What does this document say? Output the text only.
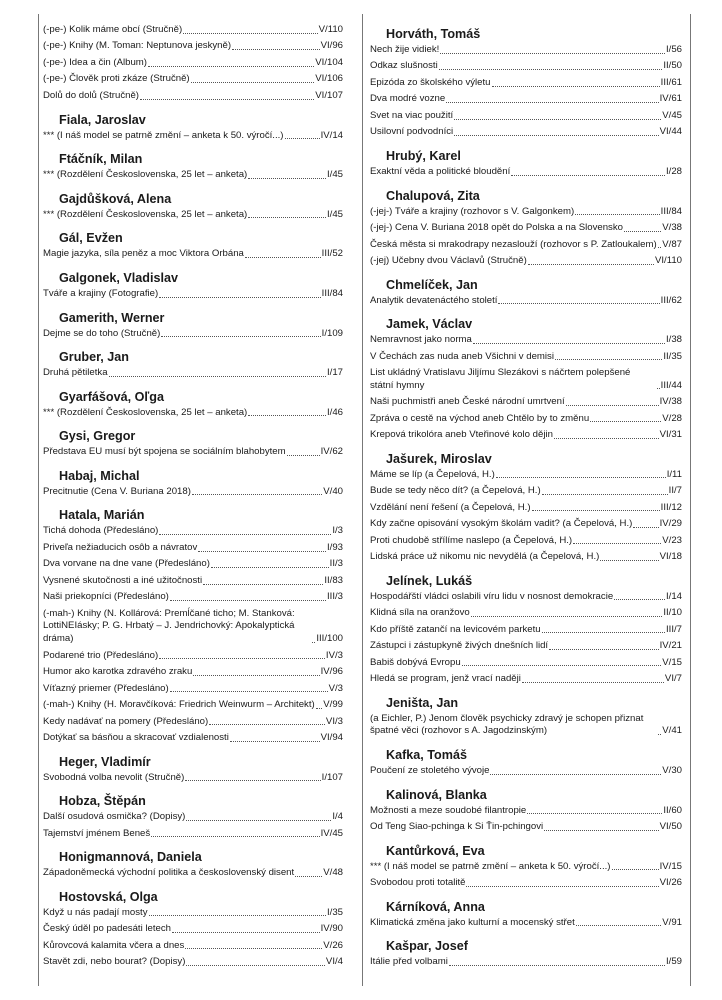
(-pe-) Kolik máme obcí (Stručně)	V/110
(-pe-) Knihy (M. Toman: Neptunova jeskyně)	VI/96
(-pe-) Idea a čin (Album)	VI/104
(-pe-) Člověk proti zkáze (Stručně)	VI/106
Dolů do dolů (Stručně)	VI/107
Fiala, Jaroslav
*** (I náš model se patrně změní – anketa k 50. výročí...)	IV/14
Ftáčník, Milan
*** (Rozdělení Československa, 25 let – anketa)	I/45
Gajdůšková, Alena
*** (Rozdělení Československa, 25 let – anketa)	I/45
Gál, Evžen
Magie jazyka, síla peněz a moc Viktora Orbána	III/52
Galgonek, Vladislav
Tváře a krajiny (Fotografie)	III/84
Gamerith, Werner
Dejme se do toho (Stručně)	I/109
Gruber, Jan
Druhá pětiletka	I/17
Gyarfášová, Oľga
*** (Rozdělení Československa, 25 let – anketa)	I/46
Gysi, Gregor
Představa EU musí být spojena se sociálním blahobytem	IV/62
Habaj, Michal
Precitnutie (Cena V. Buriana 2018)	V/40
Hatala, Marián
Tichá dohoda (Předesláno)	I/3
Priveľa nežiaducich osôb a návratov	I/93
Dva vorvane na dne vane (Předesláno)	II/3
Vysnené skutočnosti a iné užitočnosti	II/83
Naši priekopníci (Předesláno)	III/3
(-mah-) Knihy (N. Kollárová: Premĺčané ticho; M. Stanková: LottiNEIásky; P. G. Hrbatý – J. Jendrichovký: Apokalyptická dráma)	III/100
Podarené trio (Předesláno)	IV/3
Humor ako karotka zdravého zraku	IV/96
Víťazný priemer (Předesláno)	V/3
(-mah-) Knihy (H. Moravčíková: Friedrich Weinwurm – Architekt) V/99
Kedy nadávať na pomery (Předesláno)	VI/3
Dotýkať sa básňou a skracovať vzdialenosti	VI/94
Heger, Vladimír
Svobodná volba nevolit (Stručně)	I/107
Hobza, Štěpán
Další osudová osmička? (Dopisy)	I/4
Tajemství jménem Beneš	IV/45
Honigmannová, Daniela
Západoněmecká východní politika a československý disent	V/48
Hostovská, Olga
Když u nás padají mosty	I/35
Český úděl po padesáti letech	IV/90
Kůrovcová kalamita včera a dnes	V/26
Stavět zdi, nebo bourat? (Dopisy)	VI/4
Horváth, Tomáš
Nech žije vidiek!	I/56
Odkaz slušnosti	II/50
Epizóda zo školského výletu	III/61
Dva modré vozne	IV/61
Svet na viac použití	V/45
Usilovní podvodníci	VI/44
Hrubý, Karel
Exaktní věda a politické bloudění	I/28
Chalupová, Zita
(-jej-) Tváře a krajiny (rozhovor s V. Galgonkem)	III/84
(-jej-) Cena V. Buriana 2018 opět do Polska a na Slovensko	V/38
Česká města si mrakodrapy nezaslouží (rozhovor s P. Zatloukalem) V/87
(-jej) Učebny dvou Václavů (Stručně)	VI/110
Chmelíček, Jan
Analytik devatenáctého století	III/62
Jamek, Václav
Nemravnost jako norma	I/38
V Čechách zas nuda aneb Všichni v demisi	II/35
List ukládný Vratislavu Jiljímu Slezákovi s náčrtem polepšené státní hymny	III/44
Naši puchmistři aneb České národní umrtvení	IV/38
Zpráva o cestě na východ aneb Chtělo by to změnu	V/28
Krepová trikolóra aneb Vteřinové kolo dějin	VI/31
Jašurek, Miroslav
Máme se líp (a Čepelová, H.)	I/11
Bude se tedy něco dít? (a Čepelová, H.)	II/7
Vzdělání není řešení (a Čepelová, H.)	III/12
Kdy začne opisování vysokým školám vadit? (a Čepelová, H.)	IV/29
Proti chudobě střílíme naslepo (a Čepelová, H.)	V/23
Lidská práce už nikomu nic nevydělá (a Čepelová, H.)	VI/18
Jelínek, Lukáš
Hospodářští vládci oslabili víru lidu v nosnost demokracie	I/14
Klidná síla na oranžovo	II/10
Kdo příště zatančí na levicovém parketu	III/7
Zástupci i zástupkyně živých dnešních lidí	IV/21
Babiš dobývá Evropu	V/15
Hledá se program, jenž vrací naději	VI/7
Jeništa, Jan
(a Eichler, P.) Jenom člověk psychicky zdravý je schopen přiznat špatné věci (rozhovor s A. Jagodzinským)	V/41
Kafka, Tomáš
Poučení ze stoletého vývoje	V/30
Kalinová, Blanka
Možnosti a meze soudobé filantropie	II/60
Od Teng Siao-pchinga k Si Ťin-pchingovi	VI/50
Kantůrková, Eva
*** (I náš model se patrně změní – anketa k 50. výročí...)	IV/15
Svobodou proti totalitě	VI/26
Kárníková, Anna
Klimatická změna jako kulturní a mocenský střet	V/91
Kašpar, Josef
Itálie před volbami	I/59
